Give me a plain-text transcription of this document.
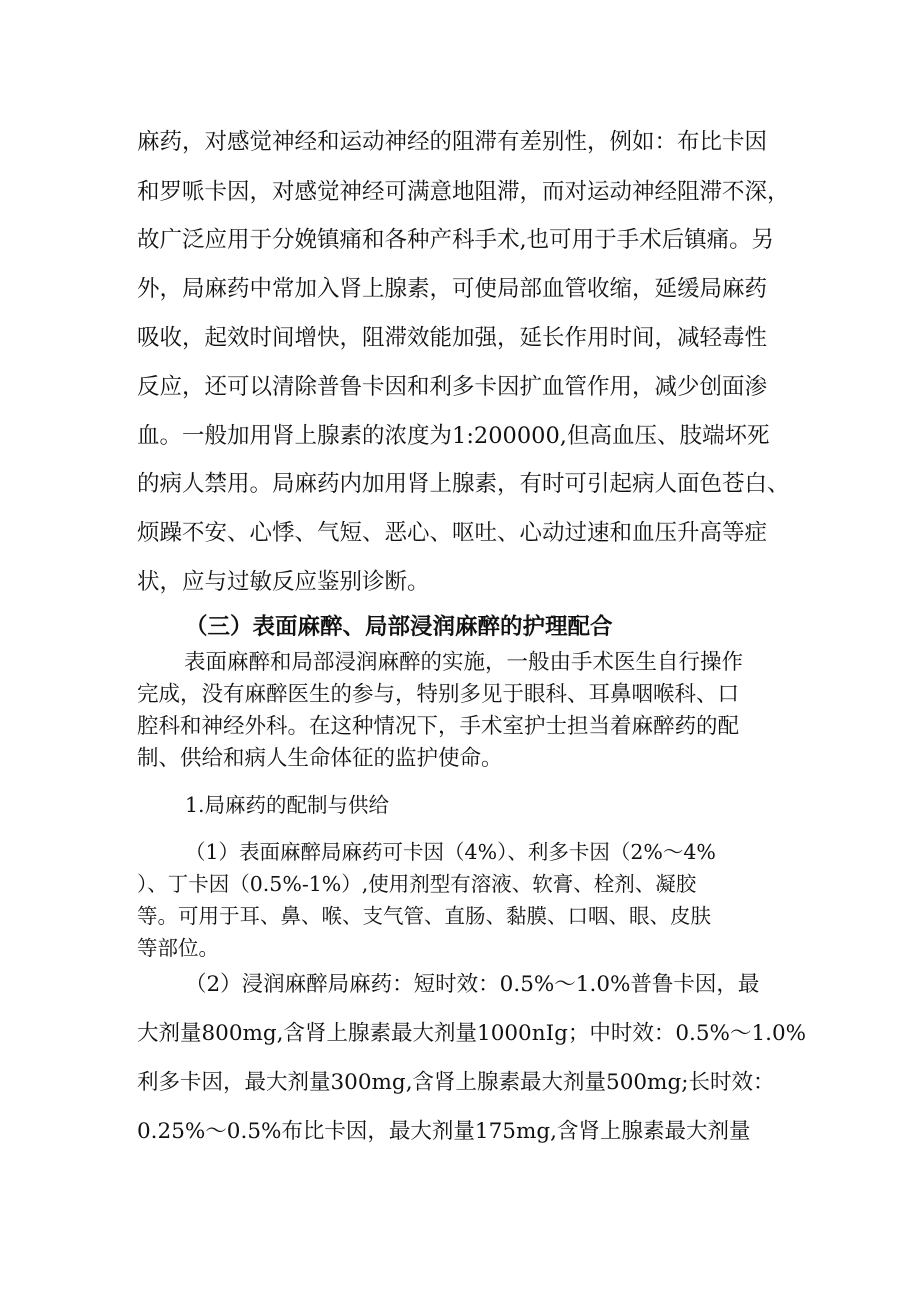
麻药，对感觉神经和运动神经的阻滞有差别性，例如：布比卡因
和罗哌卡因，对感觉神经可满意地阻滞，而对运动神经阻滞不深，
故广泛应用于分娩镇痛和各种产科手术,也可用于手术后镇痛。另
外，局麻药中常加入肾上腺素，可使局部血管收缩，延缓局麻药
吸收，起效时间增快，阻滞效能加强，延长作用时间，减轻毒性
反应，还可以清除普鲁卡因和利多卡因扩血管作用，减少创面渗
血。一般加用肾上腺素的浓度为1:200000,但高血压、肢端坏死
的病人禁用。局麻药内加用肾上腺素，有时可引起病人面色苍白、
烦躁不安、心悸、气短、恶心、呕吐、心动过速和血压升高等症
状，应与过敏反应鉴别诊断。
（三）表面麻醉、局部浸润麻醉的护理配合
表面麻醉和局部浸润麻醉的实施，一般由手术医生自行操作
完成，没有麻醉医生的参与，特别多见于眼科、耳鼻咽喉科、口
腔科和神经外科。在这种情况下，手术室护士担当着麻醉药的配
制、供给和病人生命体征的监护使命。
1.局麻药的配制与供给
（1）表面麻醉局麻药可卡因（4%）、利多卡因（2%～4%
）、丁卡因（0.5%-1%）,使用剂型有溶液、软膏、栓剂、凝胶
等。可用于耳、鼻、喉、支气管、直肠、黏膜、口咽、眼、皮肤
等部位。
（2）浸润麻醉局麻药：短时效：0.5%～1.0%普鲁卡因，最
大剂量800mg,含肾上腺素最大剂量1000nIg；中时效：0.5%～1.0%
利多卡因，最大剂量300mg,含肾上腺素最大剂量500mg;长时效：
0.25%～0.5%布比卡因，最大剂量175mg,含肾上腺素最大剂量
